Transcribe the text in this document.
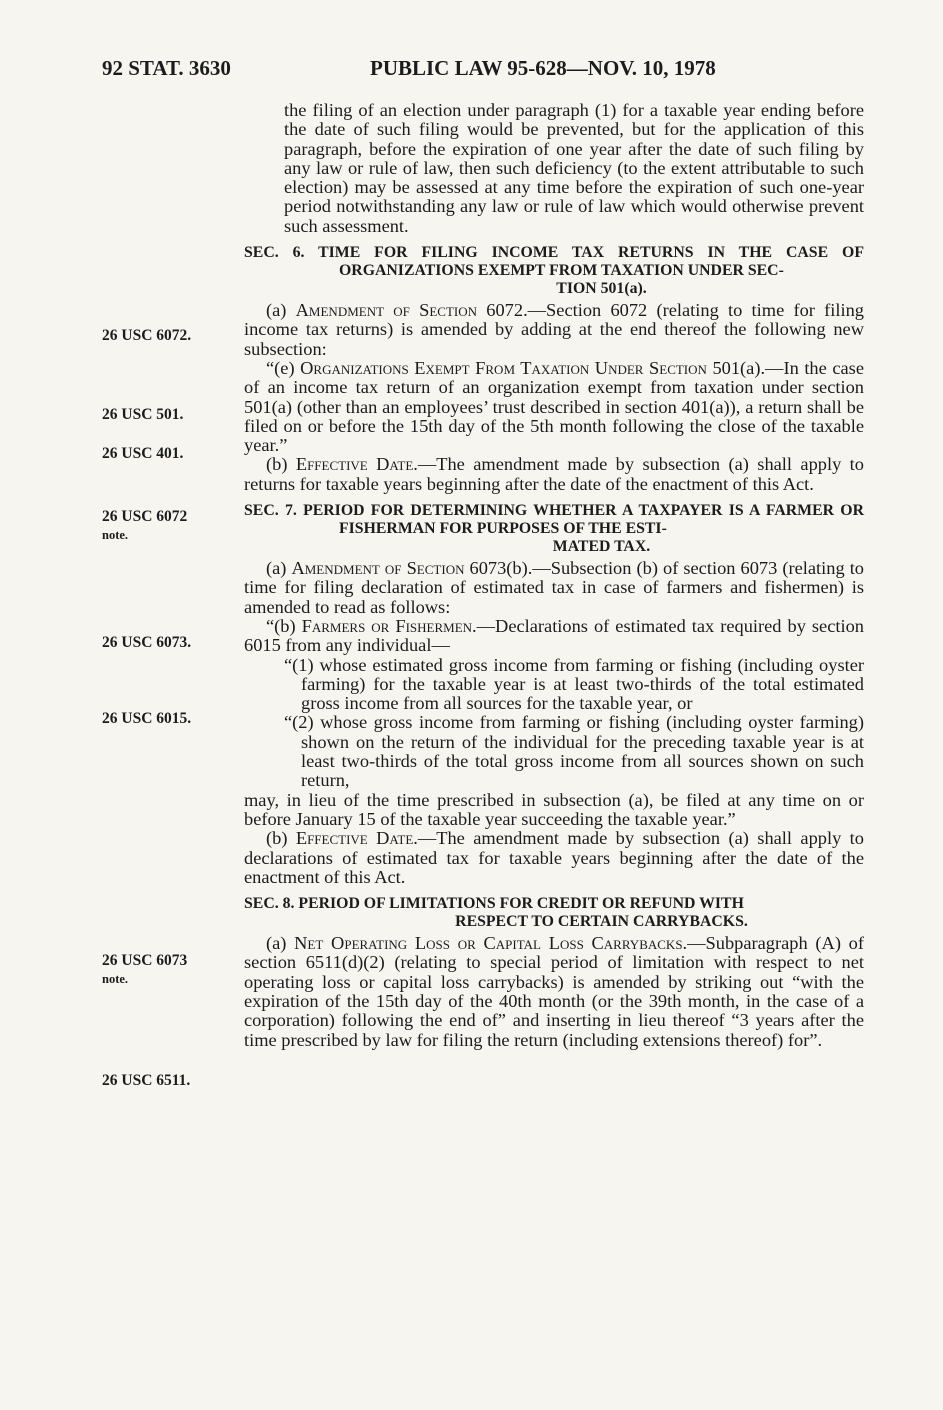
92 STAT. 3630	PUBLIC LAW 95-628—NOV. 10, 1978
26 USC 6072.
26 USC 501.
26 USC 401.
26 USC 6072
note.
26 USC 6073.
26 USC 6015.
26 USC 6073
note.
26 USC 6511.

the filing of an election under paragraph (1) for a taxable year ending before the date of such filing would be prevented, but for the application of this paragraph, before the expiration of one year after the date of such filing by any law or rule of law, then such deficiency (to the extent attributable to such election) may be assessed at any time before the expiration of such one-year period notwithstanding any law or rule of law which would otherwise prevent such assessment.

SEC. 6. TIME FOR FILING INCOME TAX RETURNS IN THE CASE OF ORGANIZATIONS EXEMPT FROM TAXATION UNDER SEC-
TION 501(a).

(a) Amendment of Section 6072.—Section 6072 (relating to time for filing income tax returns) is amended by adding at the end thereof the following new subsection:

“(e) Organizations Exempt From Taxation Under Section 501(a).—In the case of an income tax return of an organization exempt from taxation under section 501(a) (other than an employees’ trust described in section 401(a)), a return shall be filed on or before the 15th day of the 5th month following the close of the taxable year.”

(b) Effective Date.—The amendment made by subsection (a) shall apply to returns for taxable years beginning after the date of the enactment of this Act.

SEC. 7. PERIOD FOR DETERMINING WHETHER A TAXPAYER IS A FARMER OR FISHERMAN FOR PURPOSES OF THE ESTI-
MATED TAX.

(a) Amendment of Section 6073(b).—Subsection (b) of section 6073 (relating to time for filing declaration of estimated tax in case of farmers and fishermen) is amended to read as follows:

“(b) Farmers or Fishermen.—Declarations of estimated tax required by section 6015 from any individual—

“(1) whose estimated gross income from farming or fishing (including oyster farming) for the taxable year is at least two-thirds of the total estimated gross income from all sources for the taxable year, or

“(2) whose gross income from farming or fishing (including oyster farming) shown on the return of the individual for the preceding taxable year is at least two-thirds of the total gross income from all sources shown on such return,

may, in lieu of the time prescribed in subsection (a), be filed at any time on or before January 15 of the taxable year succeeding the taxable year.”

(b) Effective Date.—The amendment made by subsection (a) shall apply to declarations of estimated tax for taxable years beginning after the date of the enactment of this Act.

SEC. 8. PERIOD OF LIMITATIONS FOR CREDIT OR REFUND WITH
RESPECT TO CERTAIN CARRYBACKS.

(a) Net Operating Loss or Capital Loss Carrybacks.—Subparagraph (A) of section 6511(d)(2) (relating to special period of limitation with respect to net operating loss or capital loss carrybacks) is amended by striking out “with the expiration of the 15th day of the 40th month (or the 39th month, in the case of a corporation) following the end of” and inserting in lieu thereof “3 years after the time prescribed by law for filing the return (including extensions thereof) for”.
